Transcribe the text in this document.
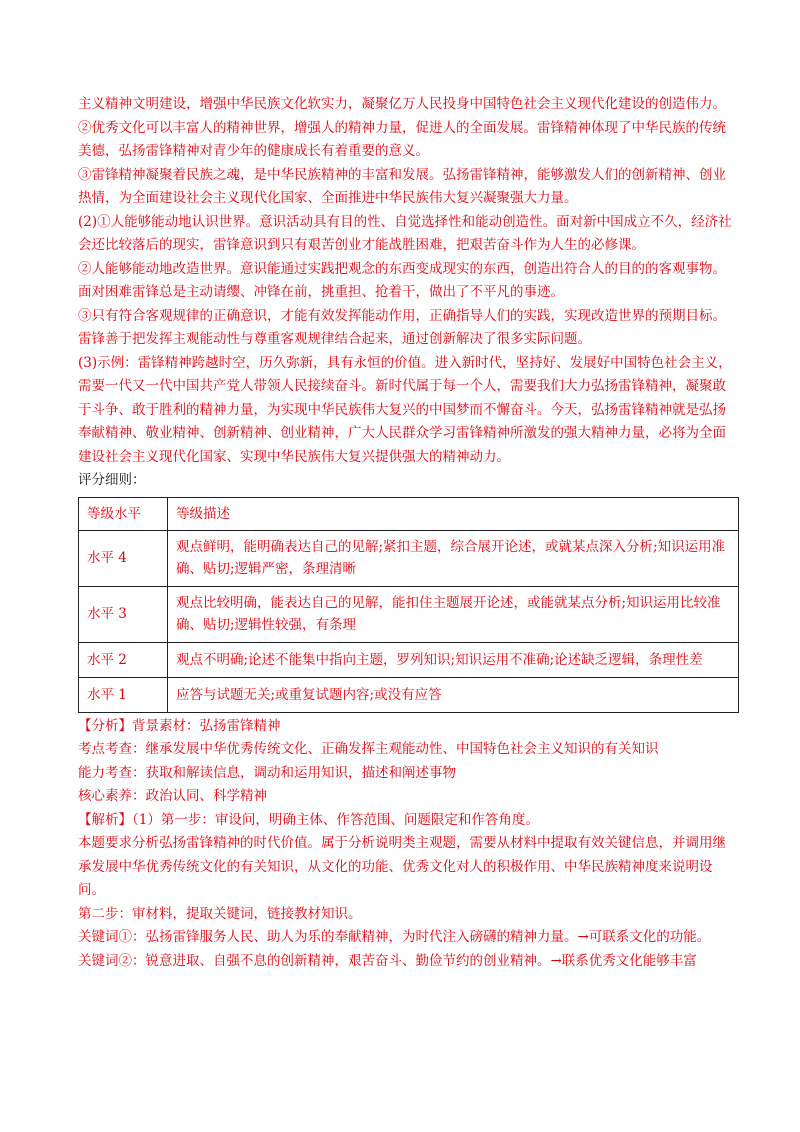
主义精神文明建设，增强中华民族文化软实力，凝聚亿万人民投身中国特色社会主义现代化建设的创造伟力。

②优秀文化可以丰富人的精神世界，增强人的精神力量，促进人的全面发展。雷锋精神体现了中华民族的传统美德，弘扬雷锋精神对青少年的健康成长有着重要的意义。

③雷锋精神凝聚着民族之魂，是中华民族精神的丰富和发展。弘扬雷锋精神，能够激发人们的创新精神、创业热情，为全面建设社会主义现代化国家、全面推进中华民族伟大复兴凝聚强大力量。

(2)①人能够能动地认识世界。意识活动具有目的性、自觉选择性和能动创造性。面对新中国成立不久，经济社会还比较落后的现实，雷锋意识到只有艰苦创业才能战胜困难，把艰苦奋斗作为人生的必修课。

②人能够能动地改造世界。意识能通过实践把观念的东西变成现实的东西，创造出符合人的目的的客观事物。面对困难雷锋总是主动请缨、冲锋在前，挑重担、抢着干，做出了不平凡的事迹。

③只有符合客观规律的正确意识，才能有效发挥能动作用，正确指导人们的实践，实现改造世界的预期目标。雷锋善于把发挥主观能动性与尊重客观规律结合起来，通过创新解决了很多实际问题。

(3)示例：雷锋精神跨越时空，历久弥新，具有永恒的价值。进入新时代，坚持好、发展好中国特色社会主义，需要一代又一代中国共产党人带领人民接续奋斗。新时代属于每一个人，需要我们大力弘扬雷锋精神，凝聚敢于斗争、敢于胜利的精神力量，为实现中华民族伟大复兴的中国梦而不懈奋斗。今天，弘扬雷锋精神就是弘扬奉献精神、敬业精神、创新精神、创业精神，广大人民群众学习雷锋精神所激发的强大精神力量，必将为全面建设社会主义现代化国家、实现中华民族伟大复兴提供强大的精神动力。

评分细则：

等级水平	等级描述
水平 4	观点鲜明，能明确表达自己的见解;紧扣主题，综合展开论述，或就某点深入分析;知识运用准确、贴切;逻辑严密，条理清晰
水平 3	观点比较明确，能表达自己的见解，能扣住主题展开论述，或能就某点分析;知识运用比较准确、贴切;逻辑性较强，有条理
水平 2	观点不明确;论述不能集中指向主题，罗列知识;知识运用不准确;论述缺乏逻辑，条理性差
水平 1	应答与试题无关;或重复试题内容;或没有应答

【分析】背景素材：弘扬雷锋精神

考点考查：继承发展中华优秀传统文化、正确发挥主观能动性、中国特色社会主义知识的有关知识

能力考查：获取和解读信息，调动和运用知识，描述和阐述事物

核心素养：政治认同、科学精神

【解析】（1）第一步：审设问，明确主体、作答范围、问题限定和作答角度。

本题要求分析弘扬雷锋精神的时代价值。属于分析说明类主观题，需要从材料中提取有效关键信息，并调用继承发展中华优秀传统文化的有关知识，从文化的功能、优秀文化对人的积极作用、中华民族精神度来说明设问。

第二步：审材料，提取关键词，链接教材知识。

关键词①：弘扬雷锋服务人民、助人为乐的奉献精神，为时代注入磅礴的精神力量。→可联系文化的功能。

关键词②：锐意进取、自强不息的创新精神，艰苦奋斗、勤俭节约的创业精神。→联系优秀文化能够丰富
